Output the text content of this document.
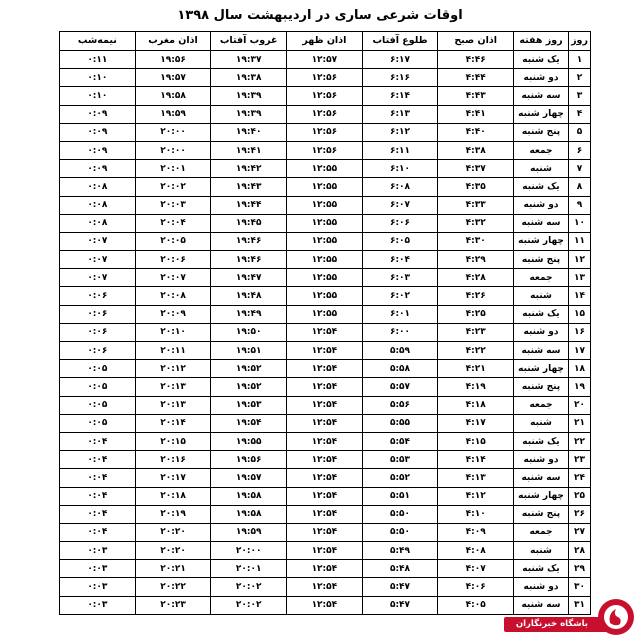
اوقات شرعی ساری در اردیبهشت سال ۱۳۹۸
روز	روز هفته	اذان صبح	طلوع آفتاب	اذان ظهر	غروب آفتاب	اذان مغرب	نیمه‌شب
۱	یک شنبه	۴:۴۶	۶:۱۷	۱۲:۵۷	۱۹:۳۷	۱۹:۵۶	۰:۱۱
۲	دو شنبه	۴:۴۴	۶:۱۶	۱۲:۵۶	۱۹:۳۸	۱۹:۵۷	۰:۱۰
۳	سه شنبه	۴:۴۳	۶:۱۴	۱۲:۵۶	۱۹:۳۹	۱۹:۵۸	۰:۱۰
۴	چهار شنبه	۴:۴۱	۶:۱۳	۱۲:۵۶	۱۹:۳۹	۱۹:۵۹	۰:۰۹
۵	پنج شنبه	۴:۴۰	۶:۱۲	۱۲:۵۶	۱۹:۴۰	۲۰:۰۰	۰:۰۹
۶	جمعه	۴:۳۸	۶:۱۱	۱۲:۵۶	۱۹:۴۱	۲۰:۰۰	۰:۰۹
۷	شنبه	۴:۳۷	۶:۱۰	۱۲:۵۵	۱۹:۴۲	۲۰:۰۱	۰:۰۹
۸	یک شنبه	۴:۳۵	۶:۰۸	۱۲:۵۵	۱۹:۴۳	۲۰:۰۲	۰:۰۸
۹	دو شنبه	۴:۳۳	۶:۰۷	۱۲:۵۵	۱۹:۴۴	۲۰:۰۳	۰:۰۸
۱۰	سه شنبه	۴:۳۲	۶:۰۶	۱۲:۵۵	۱۹:۴۵	۲۰:۰۴	۰:۰۸
۱۱	چهار شنبه	۴:۳۰	۶:۰۵	۱۲:۵۵	۱۹:۴۶	۲۰:۰۵	۰:۰۷
۱۲	پنج شنبه	۴:۲۹	۶:۰۴	۱۲:۵۵	۱۹:۴۶	۲۰:۰۶	۰:۰۷
۱۳	جمعه	۴:۲۸	۶:۰۳	۱۲:۵۵	۱۹:۴۷	۲۰:۰۷	۰:۰۷
۱۴	شنبه	۴:۲۶	۶:۰۲	۱۲:۵۵	۱۹:۴۸	۲۰:۰۸	۰:۰۶
۱۵	یک شنبه	۴:۲۵	۶:۰۱	۱۲:۵۵	۱۹:۴۹	۲۰:۰۹	۰:۰۶
۱۶	دو شنبه	۴:۲۳	۶:۰۰	۱۲:۵۴	۱۹:۵۰	۲۰:۱۰	۰:۰۶
۱۷	سه شنبه	۴:۲۲	۵:۵۹	۱۲:۵۴	۱۹:۵۱	۲۰:۱۱	۰:۰۶
۱۸	چهار شنبه	۴:۲۱	۵:۵۸	۱۲:۵۴	۱۹:۵۲	۲۰:۱۲	۰:۰۵
۱۹	پنج شنبه	۴:۱۹	۵:۵۷	۱۲:۵۴	۱۹:۵۲	۲۰:۱۳	۰:۰۵
۲۰	جمعه	۴:۱۸	۵:۵۶	۱۲:۵۴	۱۹:۵۳	۲۰:۱۳	۰:۰۵
۲۱	شنبه	۴:۱۷	۵:۵۵	۱۲:۵۴	۱۹:۵۴	۲۰:۱۴	۰:۰۵
۲۲	یک شنبه	۴:۱۵	۵:۵۴	۱۲:۵۴	۱۹:۵۵	۲۰:۱۵	۰:۰۴
۲۳	دو شنبه	۴:۱۴	۵:۵۳	۱۲:۵۴	۱۹:۵۶	۲۰:۱۶	۰:۰۴
۲۴	سه شنبه	۴:۱۳	۵:۵۲	۱۲:۵۴	۱۹:۵۷	۲۰:۱۷	۰:۰۴
۲۵	چهار شنبه	۴:۱۲	۵:۵۱	۱۲:۵۴	۱۹:۵۸	۲۰:۱۸	۰:۰۴
۲۶	پنج شنبه	۴:۱۰	۵:۵۰	۱۲:۵۴	۱۹:۵۸	۲۰:۱۹	۰:۰۴
۲۷	جمعه	۴:۰۹	۵:۵۰	۱۲:۵۴	۱۹:۵۹	۲۰:۲۰	۰:۰۴
۲۸	شنبه	۴:۰۸	۵:۴۹	۱۲:۵۴	۲۰:۰۰	۲۰:۲۰	۰:۰۳
۲۹	یک شنبه	۴:۰۷	۵:۴۸	۱۲:۵۴	۲۰:۰۱	۲۰:۲۱	۰:۰۳
۳۰	دو شنبه	۴:۰۶	۵:۴۷	۱۲:۵۴	۲۰:۰۲	۲۰:۲۲	۰:۰۳
۳۱	سه شنبه	۴:۰۵	۵:۴۷	۱۲:۵۴	۲۰:۰۲	۲۰:۲۳	۰:۰۳
باشگاه خبرنگاران
